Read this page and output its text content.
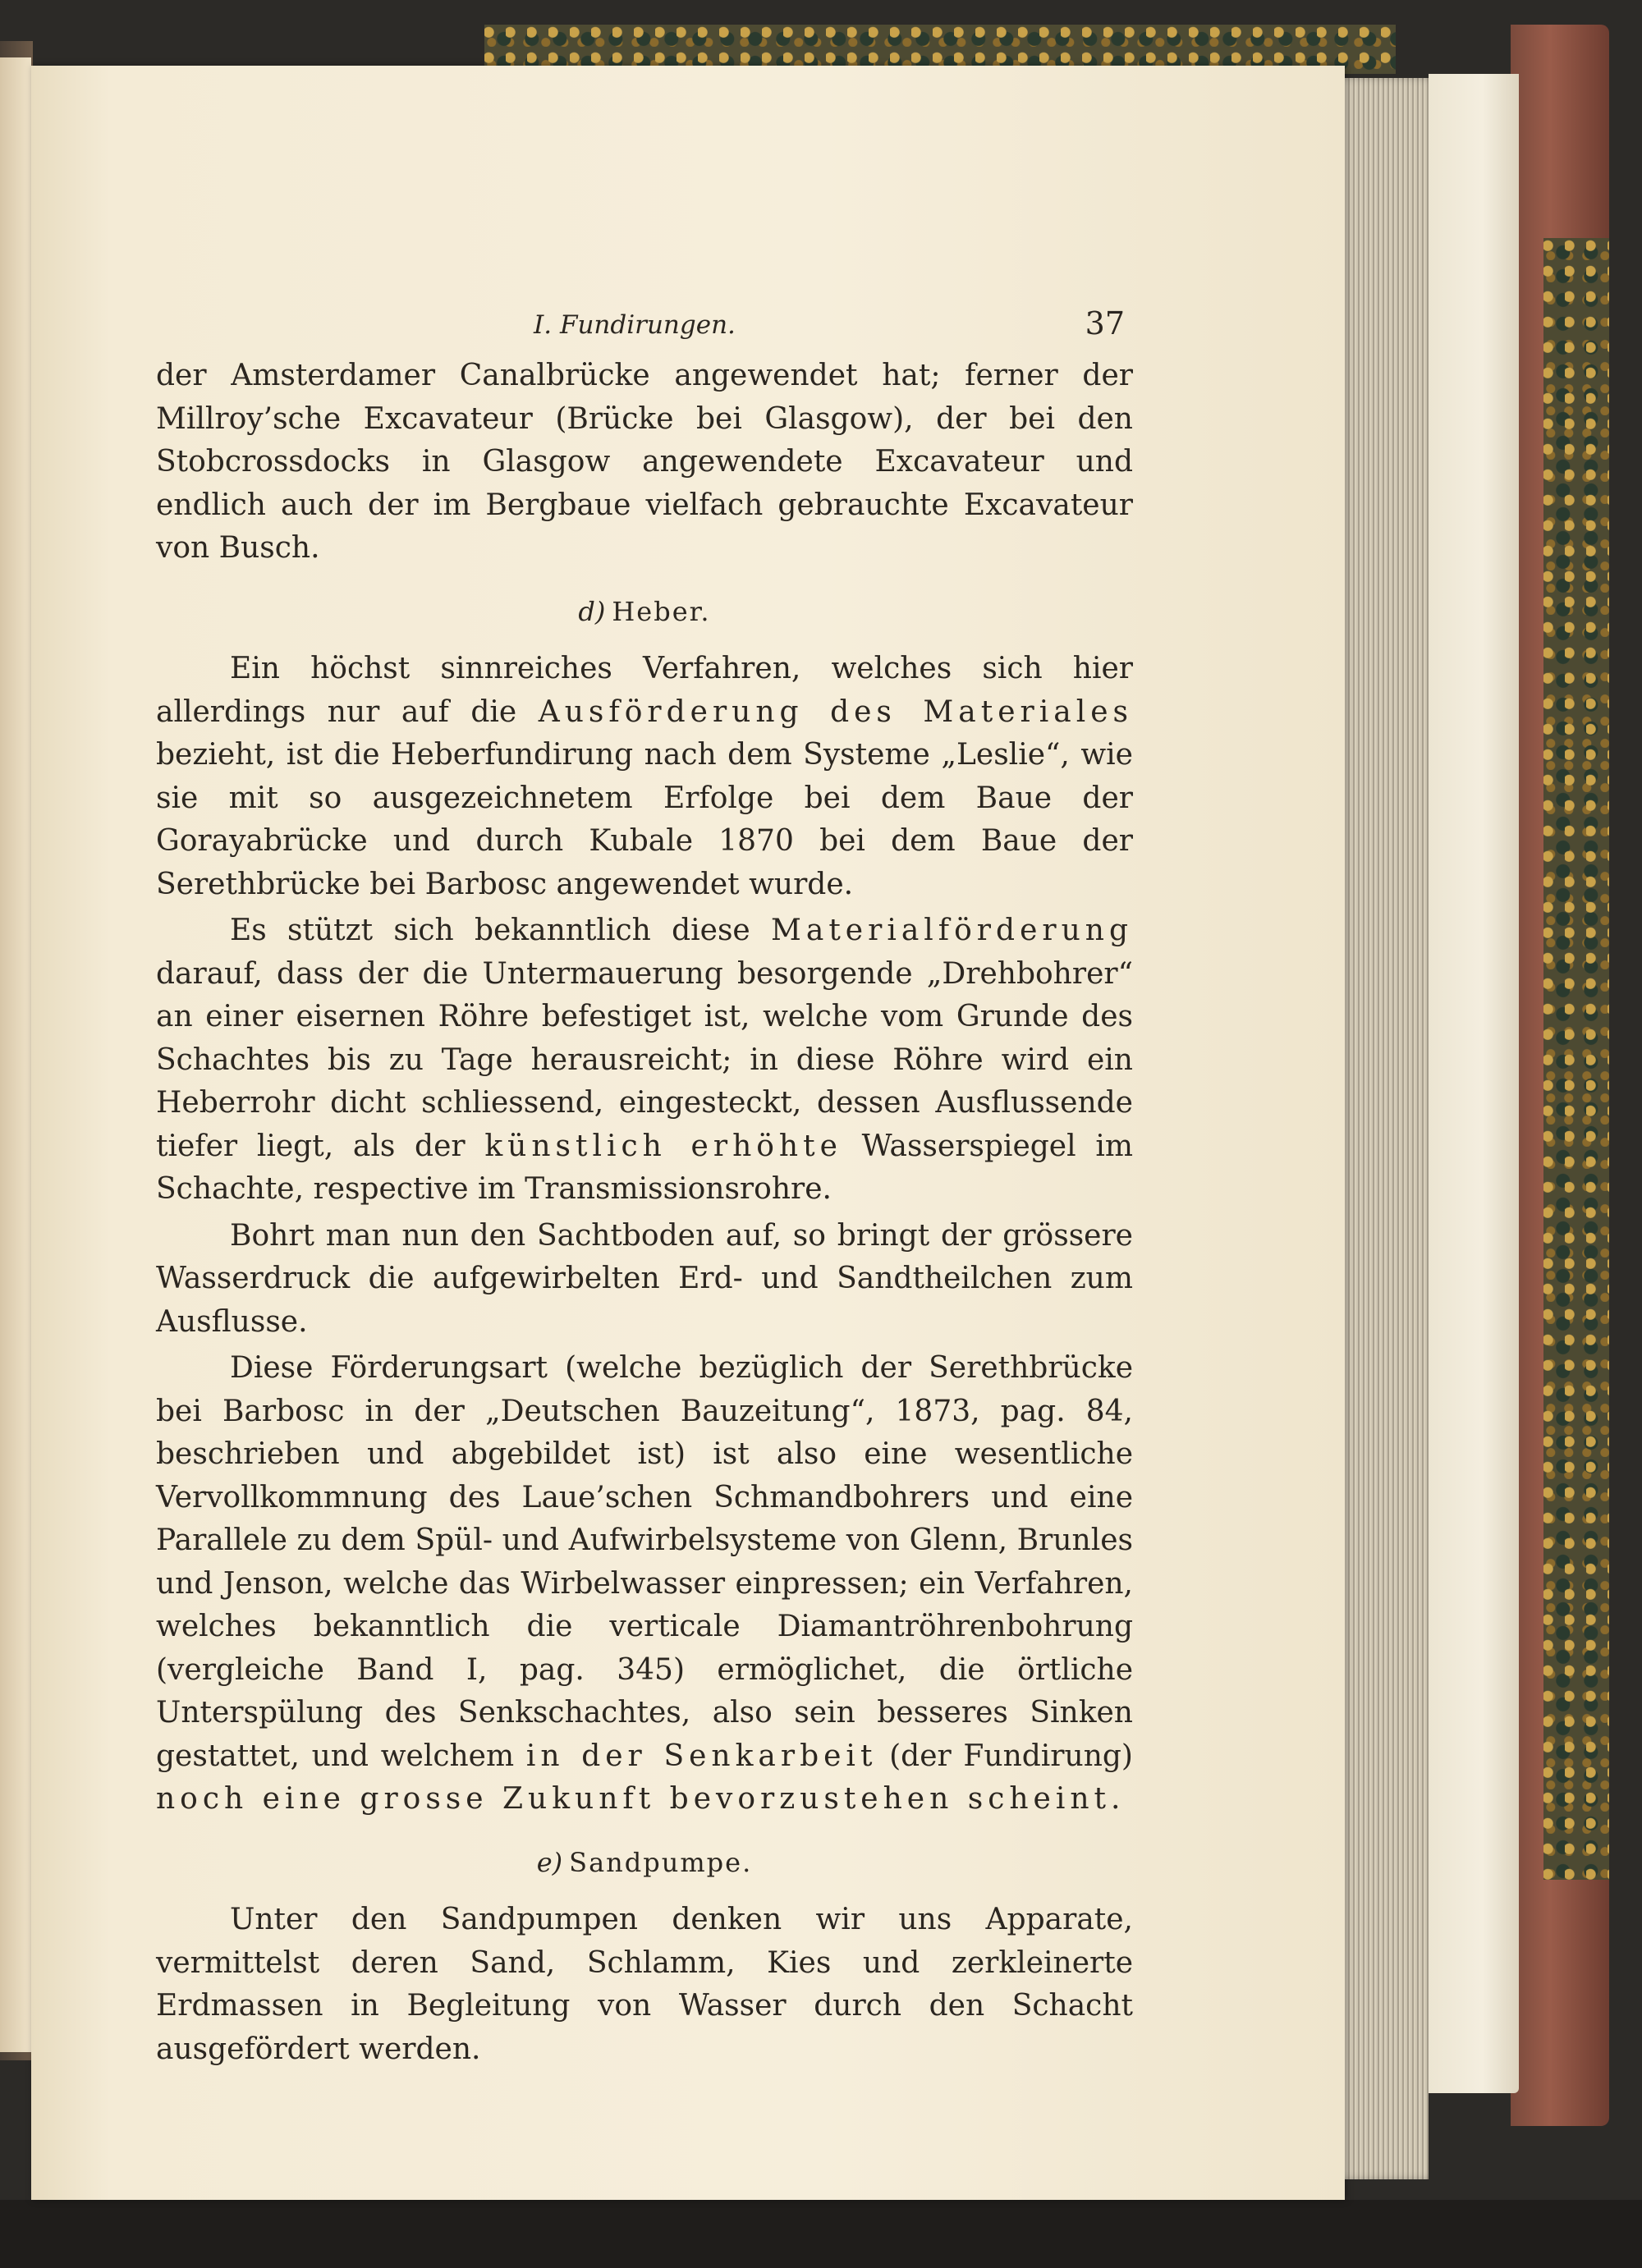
I. Fundirungen.	37

der Amsterdamer Canalbrücke angewendet hat; ferner der Millroy’sche Excavateur (Brücke bei Glasgow), der bei den Stobcrossdocks in Glasgow angewendete Excavateur und endlich auch der im Bergbaue vielfach gebrauchte Excavateur von Busch.

d) Heber.

Ein höchst sinnreiches Verfahren, welches sich hier allerdings nur auf die Ausförderung des Materiales bezieht, ist die Heberfundirung nach dem Systeme „Leslie“, wie sie mit so ausgezeichnetem Erfolge bei dem Baue der Gorayabrücke und durch Kubale 1870 bei dem Baue der Serethbrücke bei Barbosc angewendet wurde.

Es stützt sich bekanntlich diese Materialförderung darauf, dass der die Untermauerung besorgende „Drehbohrer“ an einer eisernen Röhre befestiget ist, welche vom Grunde des Schachtes bis zu Tage herausreicht; in diese Röhre wird ein Heberrohr dicht schliessend, eingesteckt, dessen Ausflussende tiefer liegt, als der künstlich erhöhte Wasserspiegel im Schachte, respective im Transmissionsrohre.

Bohrt man nun den Sachtboden auf, so bringt der grössere Wasserdruck die aufgewirbelten Erd- und Sandtheilchen zum Ausflusse.

Diese Förderungsart (welche bezüglich der Serethbrücke bei Barbosc in der „Deutschen Bauzeitung“, 1873, pag. 84, beschrieben und abgebildet ist) ist also eine wesentliche Vervollkommnung des Laue’schen Schmandbohrers und eine Parallele zu dem Spül- und Aufwirbelsysteme von Glenn, Brunles und Jenson, welche das Wirbelwasser einpressen; ein Verfahren, welches bekanntlich die verticale Diamantröhrenbohrung (vergleiche Band I, pag. 345) ermöglichet, die örtliche Unterspülung des Senkschachtes, also sein besseres Sinken gestattet, und welchem in der Senkarbeit (der Fundirung) noch eine grosse Zukunft bevorzustehen scheint.

e) Sandpumpe.

Unter den Sandpumpen denken wir uns Apparate, vermittelst deren Sand, Schlamm, Kies und zerkleinerte Erdmassen in Begleitung von Wasser durch den Schacht ausgefördert werden.
